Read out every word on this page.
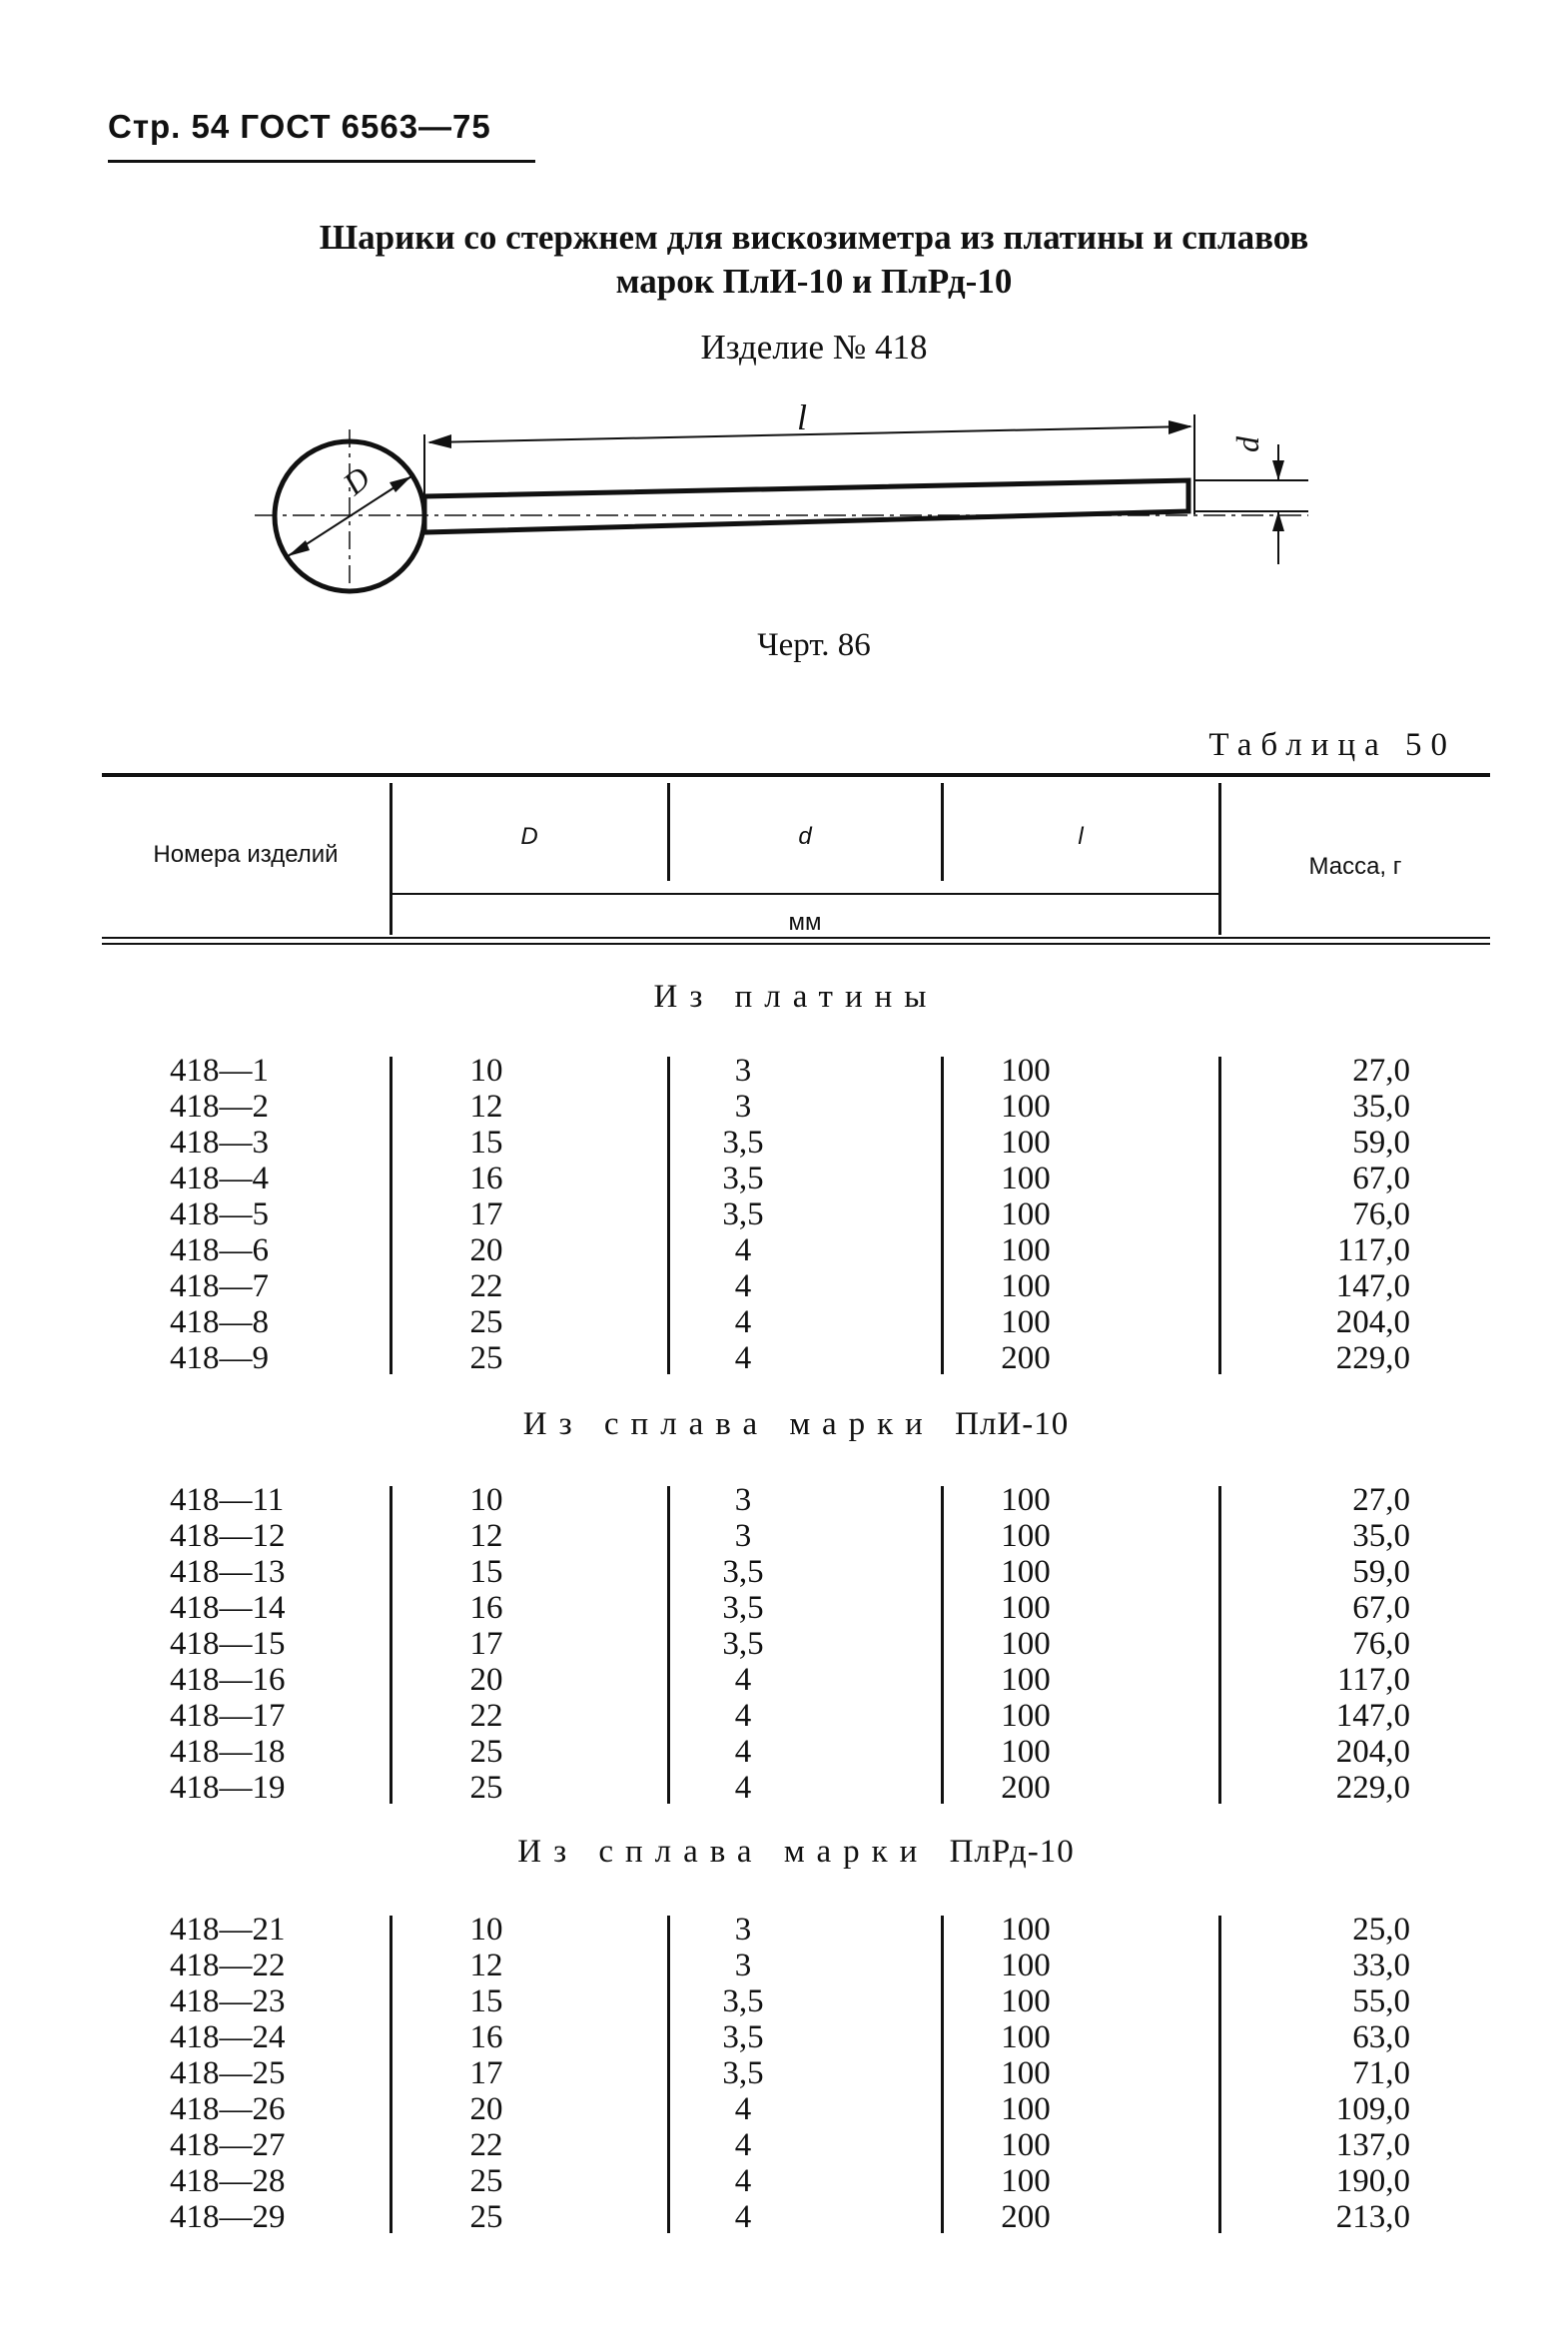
Стр. 54 ГОСТ 6563—75
Шарики со стержнем для вискозиметра из платины и сплавов
марок ПлИ-10 и ПлРд-10
Изделие № 418
l
D
d
Черт. 86
Таблица 50
Номера изделий
D	d	l
мм
Масса, г
Из платины
418—1	10	3	100	27,0
418—2	12	3	100	35,0
418—3	15	3,5	100	59,0
418—4	16	3,5	100	67,0
418—5	17	3,5	100	76,0
418—6	20	4	100	117,0
418—7	22	4	100	147,0
418—8	25	4	100	204,0
418—9	25	4	200	229,0
Из сплава марки ПлИ-10
418—11	10	3	100	27,0
418—12	12	3	100	35,0
418—13	15	3,5	100	59,0
418—14	16	3,5	100	67,0
418—15	17	3,5	100	76,0
418—16	20	4	100	117,0
418—17	22	4	100	147,0
418—18	25	4	100	204,0
418—19	25	4	200	229,0
Из сплава марки ПлРд-10
418—21	10	3	100	25,0
418—22	12	3	100	33,0
418—23	15	3,5	100	55,0
418—24	16	3,5	100	63,0
418—25	17	3,5	100	71,0
418—26	20	4	100	109,0
418—27	22	4	100	137,0
418—28	25	4	100	190,0
418—29	25	4	200	213,0
